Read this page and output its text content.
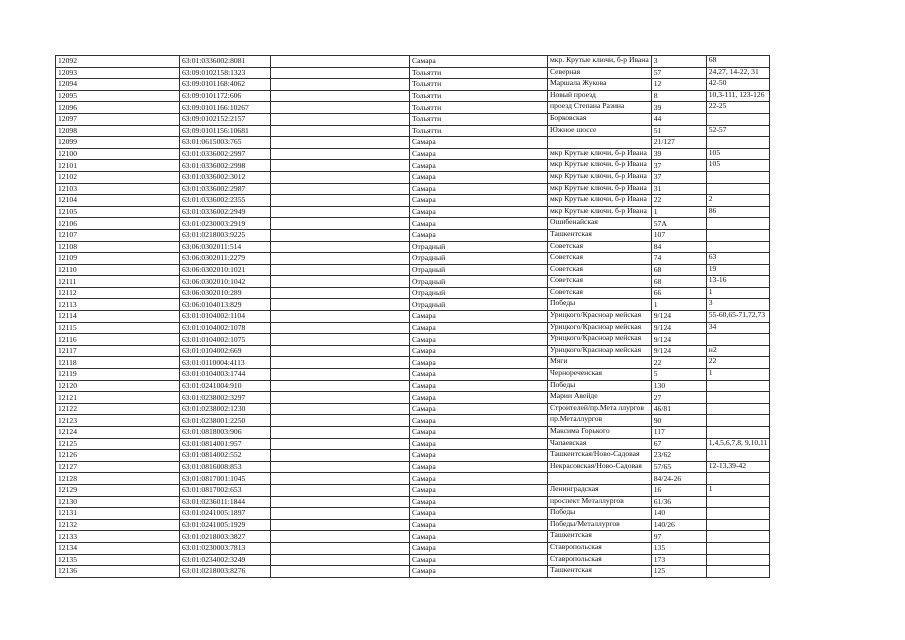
12092	63:01:0336002:8081		Самара	мкр. Крутые ключи, б-р Ивана	3	68
12093	63:09:0102158:1323		Тольятти	Северная	57	24,27, 14-22, 31
12094	63:09:0101168:4062		Тольятти	Маршала Жукова	12	42-50
12095	63:09:0101172:606		Тольятти	Новый проезд	8	10,3-111, 123-126
12096	63:09:0101166:10267		Тольятти	проезд Степана Разина	39	22-25
12097	63:09:0102152:2157		Тольятти	Борковская	44	
12098	63:09:0101156:10681		Тольятти	Южное шоссе	51	52-57
12099	63:01:0615003:765		Самара		21/127	
12100	63:01:0336002:2997		Самара	мкр Крутые ключи, б-р Ивана	39	105
12101	63:01:0336002:2998		Самара	мкр Крутые ключи, б-р Ивана	37	105
12102	63:01:0336002:3012		Самара	мкр Крутые ключи, б-р Ивана	37	
12103	63:01:0336002:2987		Самара	мкр Крутые ключи, б-р Ивана	31	
12104	63:01:0336002:2355		Самара	мкр Крутые ключи, б-р Ивана	22	2
12105	63:01:0336002:2949		Самара	мкр Крутые ключи, б-р Ивана	1	86
12106	63:01:0230003:2919		Самара	Ошибенайская	57А	
12107	63:01:0218003:9225		Самара	Ташкентская	107	
12108	63:06:0302011:514		Отрадный	Советская	84	
12109	63:06:0302011:2279		Отрадный	Советская	74	63
12110	63:06:0302010:1021		Отрадный	Советская	68	19
12111	63:06:0302010:1042		Отрадный	Советская	68	13-16
12112	63:06:0302010:289		Отрадный	Советская	66	1
12113	63:06:0104013:829		Отрадный	Победы	1	3
12114	63:01:0104002:1104		Самара	Урицкого/Красноар мейская	9/124	55-60,65-71,72,73
12115	63:01:0104002:1078		Самара	Урицкого/Красноар мейская	9/124	34
12116	63:01:0104002:1075		Самара	Урицкого/Красноар мейская	9/124	
12117	63:01:0104002:669		Самара	Урицкого/Красноар мейская	9/124	н2
12118	63:01:0110004:4113		Самара	Мяги	22	22
12119	63:01:0104003:1744		Самара	Чернореченская	5	1
12120	63:01:0241004:910		Самара	Победы	130	
12121	63:01:0238002:3297		Самара	Марии Авейде	27	
12122	63:01:0238002:1230		Самара	Строителей/пр.Мета ллургов	46/81	
12123	63:01:0238001:2250		Самара	пр.Металлургов	90	
12124	63:01:0818003:906		Самара	Максима Горького	117	
12125	63:01:0814001:957		Самара	Чапаевская	67	1,4,5,6,7,8, 9,10,11
12126	63:01:0814002:552		Самара	Ташкентская/Ново-Садовая	23/62	
12127	63:01:0816008:853		Самара	Некрасовская/Ново-Садовая	57/65	12-13,39-42
12128	63:01:0817001:1045		Самара		84/24-26	
12129	63:01:0817002:653		Самара	Ленинградская	16	1
12130	63:01:0236011:1844		Самара	проспект Металлургов	61/36	
12131	63:01:0241005:1897		Самара	Победы	140	
12132	63:01:0241005:1929		Самара	Победы/Металлургов	140/26	
12133	63:01:0218003:3827		Самара	Ташкентская	97	
12134	63:01:0230003:7813		Самара	Ставропольская	135	
12135	63:01:0234002:3249		Самара	Ставропольская	173	
12136	63:01:0218003:8276		Самара	Ташкентская	125	
